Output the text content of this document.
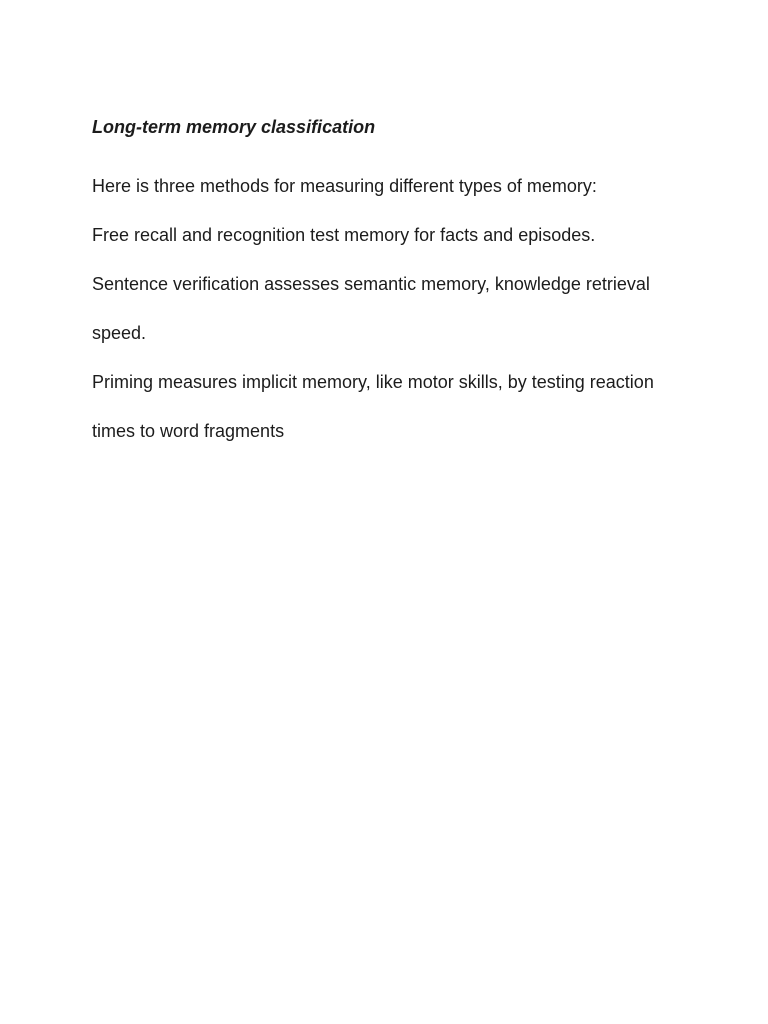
Long-term memory classification

Here is three methods for measuring different types of memory:

Free recall and recognition test memory for facts and episodes.

Sentence verification assesses semantic memory, knowledge retrieval speed.

Priming measures implicit memory, like motor skills, by testing reaction times to word fragments
